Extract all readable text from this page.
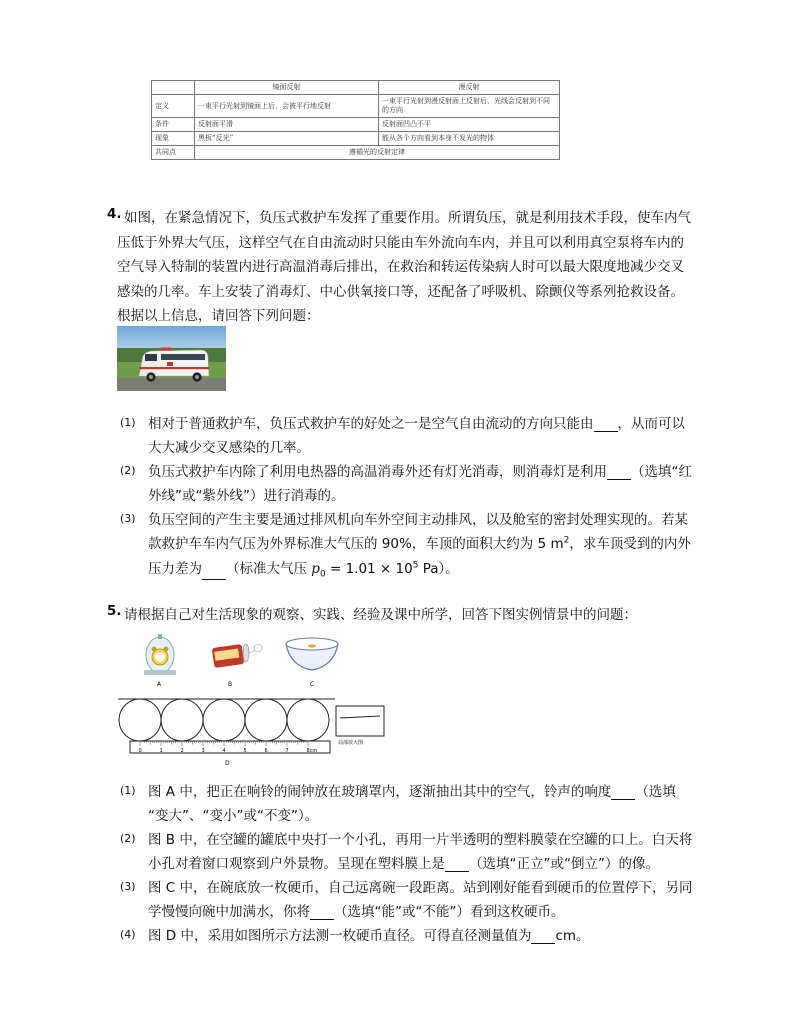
	镜面反射	漫反射
定义	一束平行光射到镜面上后，会被平行地反射	一束平行光射到漫反射面上反射后，光线会反射到不同的方向
条件	反射面平滑	反射面凹凸不平
现象	黑板“反光”	能从各个方向看到本身不发光的物体
共同点	遵循光的反射定律	
4. 如图，在紧急情况下，负压式救护车发挥了重要作用。所谓负压，就是利用技术手段，使车内气
压低于外界大气压，这样空气在自由流动时只能由车外流向车内，并且可以利用真空泵将车内的
空气导入特制的装置内进行高温消毒后排出，在救治和转运传染病人时可以最大限度地减少交叉
感染的几率。车上安装了消毒灯、中心供氧接口等，还配备了呼吸机、除颤仪等系列抢救设备。
根据以上信息，请回答下列问题：
(1) 相对于普通救护车，负压式救护车的好处之一是空气自由流动的方向只能由 ，从而可以
大大减少交叉感染的几率。
(2) 负压式救护车内除了利用电热器的高温消毒外还有灯光消毒，则消毒灯是利用 （选填“红
外线”或“紫外线”）进行消毒的。
(3) 负压空间的产生主要是通过排风机向车外空间主动排风，以及舱室的密封处理实现的。若某
款救护车车内气压为外界标准大气压的 90%，车顶的面积大约为 5 $m^2$，求车顶受到的内外
压力差为 （标准大气压 $p_0 = 1.01 \times 10^5$ Pa）。
5. 请根据自己对生活现象的观察、实践、经验及课中所学，回答下图实例情景中的问题：
A	B	C
0	1	2	3	4	5	6	7	8cm
局部放大图
D
(1) 图 A 中，把正在响铃的闹钟放在玻璃罩内，逐渐抽出其中的空气，铃声的响度 （选填
“变大”、“变小”或“不变”）。
(2) 图 B 中，在空罐的罐底中央打一个小孔，再用一片半透明的塑料膜蒙在空罐的口上。白天将
小孔对着窗口观察到户外景物。呈现在塑料膜上是 （选填“正立”或“倒立”）的像。
(3) 图 C 中，在碗底放一枚硬币，自己远离碗一段距离。站到刚好能看到硬币的位置停下，另同
学慢慢向碗中加满水，你将 （选填“能”或“不能”）看到这枚硬币。
(4) 图 D 中，采用如图所示方法测一枚硬币直径。可得直径测量值为 cm。
